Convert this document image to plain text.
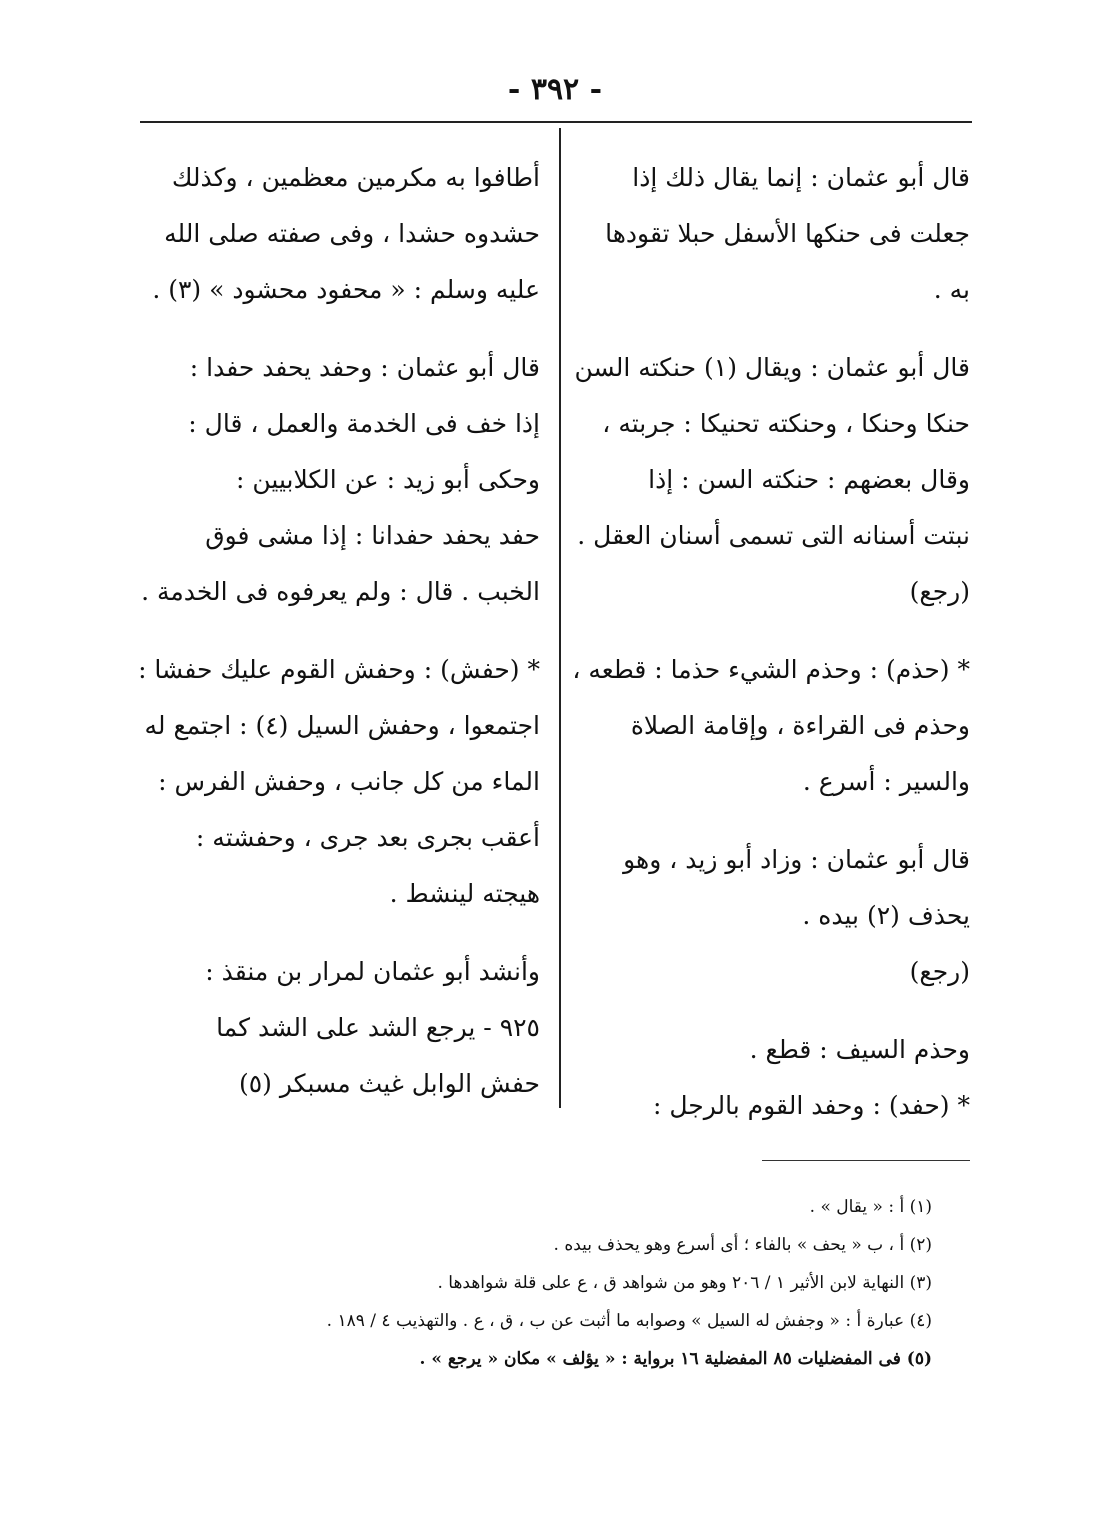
- ٣٩٢ -
قال أبو عثمان : إنما يقال ذلك إذا
جعلت فى حنكها الأسفل حبلا تقودها
به .
قال أبو عثمان : ويقال (١) حنكته السن
حنكا وحنكا ، وحنكته تحنيكا : جربته ،
وقال بعضهم : حنكته السن : إذا
نبتت أسنانه التى تسمى أسنان العقل .
(رجع)
* (حذم) : وحذم الشيء حذما : قطعه ،
وحذم فى القراءة ، وإقامة الصلاة
والسير : أسرع .
قال أبو عثمان : وزاد أبو زيد ، وهو
يحذف (٢) بيده .
(رجع)
وحذم السيف : قطع .
* (حفد) : وحفد القوم بالرجل :
أطافوا به مكرمين معظمين ، وكذلك
حشدوه حشدا ، وفى صفته صلى الله
عليه وسلم : « محفود محشود » (٣) .
قال أبو عثمان : وحفد يحفد حفدا :
إذا خف فى الخدمة والعمل ، قال :
وحكى أبو زيد : عن الكلابيين :
حفد يحفد حفدانا : إذا مشى فوق
الخبب . قال : ولم يعرفوه فى الخدمة .
* (حفش) : وحفش القوم عليك حفشا :
اجتمعوا ، وحفش السيل (٤) : اجتمع له
الماء من كل جانب ، وحفش الفرس :
أعقب بجرى بعد جرى ، وحفشته :
هيجته لينشط .
وأنشد أبو عثمان لمرار بن منقذ :
٩٢٥ - يرجع الشد على الشد كما
حفش الوابل غيث مسبكر (٥)
(١) أ : « يقال » .
(٢) أ ، ب « يحف » بالفاء ؛ أى أسرع وهو يحذف بيده .
(٣) النهاية لابن الأثير ١ / ٢٠٦ وهو من شواهد ق ، ع على قلة شواهدها .
(٤) عبارة أ : « وجفش له السيل » وصوابه ما أثبت عن ب ، ق ، ع . والتهذيب ٤ / ١٨٩ .
(٥) فى المفضليات ٨٥ المفضلية ١٦ برواية : « يؤلف » مكان « يرجع » .
